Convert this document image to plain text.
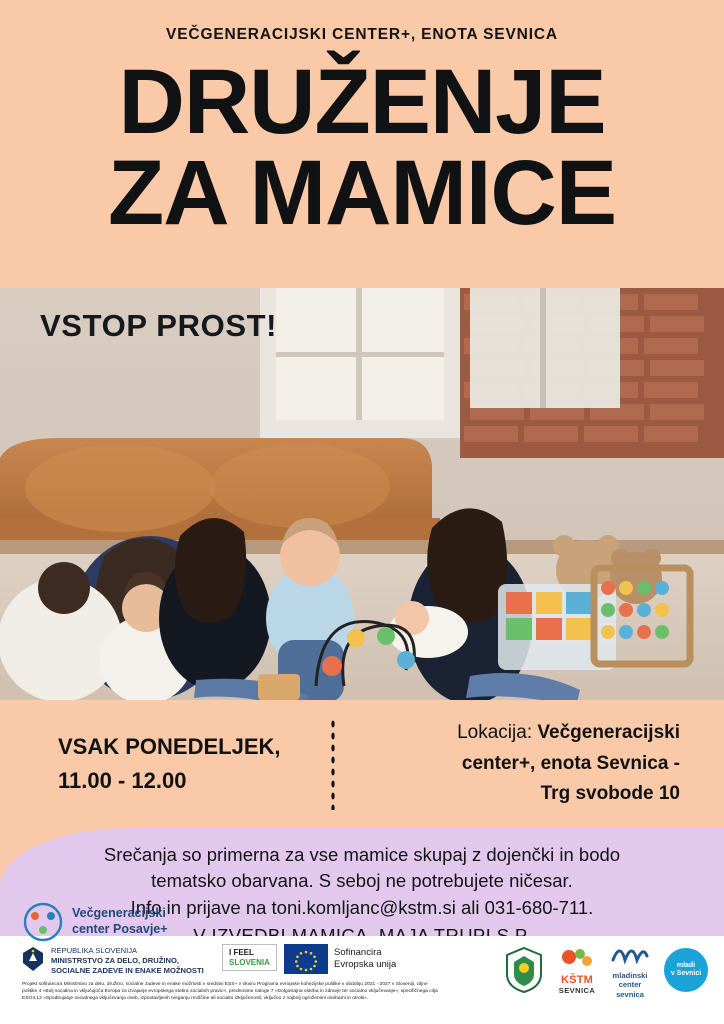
VEČGENERACIJSKI CENTER+, ENOTA SEVNICA
DRUŽENJE
ZA MAMICE
VSTOP PROST!
VSAK PONEDELJEK,
11.00 - 12.00
Lokacija: Večgeneracijski
center+, enota Sevnica -
Trg svobode 10

Srečanja so primerna za vse mamice skupaj z dojenčki in bodo

tematsko obarvana. S seboj ne potrebujete ničesar.

Info in prijave na toni.komljanc@kstm.si ali 031-680-711.

Večgeneracijski
center Posavje+
REPUBLIKA SLOVENIJA
MINISTRSTVO ZA DELO, DRUŽINO,
SOCIALNE ZADEVE IN ENAKE MOŽNOSTI
I FEEL
SLOVENIA
Sofinancira
Evropska unija
Projekt sofinancira Ministrstvo za delo, družino, socialne zadeve in enake možnosti v sredstvi ESS+ v okviru Programa evropske kohezijske politike v obdobju 2021 - 2027 v Sloveniji, ciljne politike 4 »Bolj socialna in vključujoča Evropa za izvajanje evropskega stebra socialnih pravic«, prednostne naloge 7 »Dolgotrajna oskrba in zdravje ter socialno vključevanje«, specifičnega cilja ESO4.12 »Spodbujanje socialnega vključevanja oseb, izpostavljenih tveganju revščine ali socialni izključenosti, vključno z najbolj ogroženimi osebami in otroki«.
KŠTM
SEVNICA
mladinski
center
sevnica
mladi
v Sevnici
